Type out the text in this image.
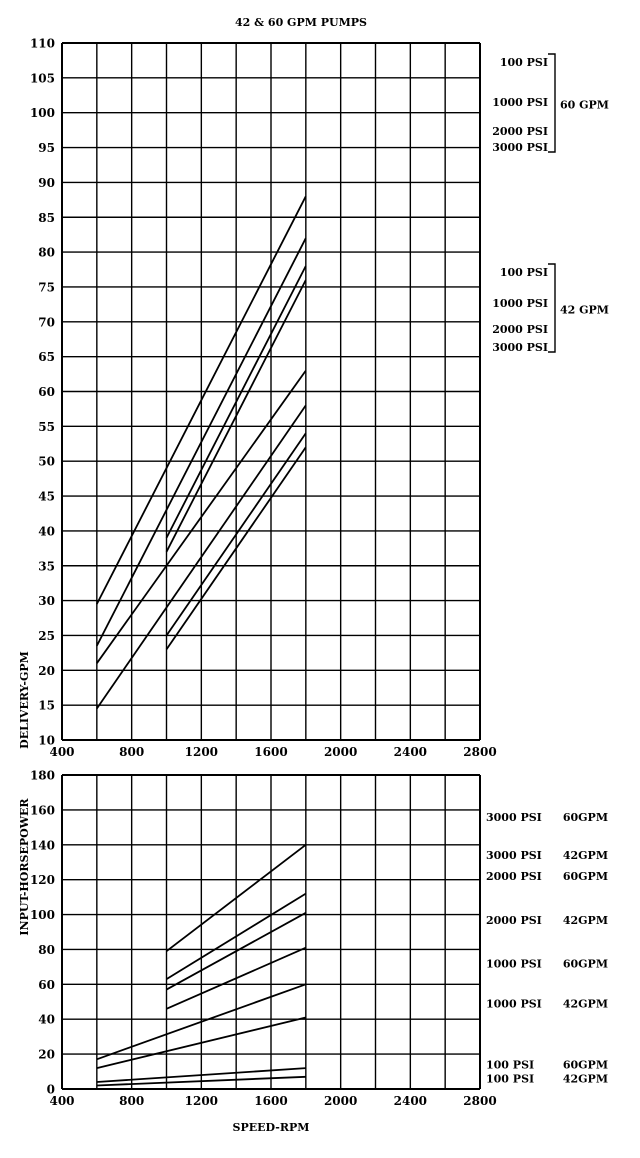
42 & 60 GPM PUMPS
10
15
20
25
30
35
40
45
50
55
60
65
70
75
80
85
90
95
100
105
110
400	800	1200	1600	2000	2400	2800
DELIVERY-GPM
100 PSI
1000 PSI
2000 PSI
3000 PSI
60 GPM
100 PSI
1000 PSI
2000 PSI
3000 PSI
42 GPM
0
20
40
60
80
100
120
140
160
180
400	800	1200	1600	2000	2400	2800
INPUT-HORSEPOWER
SPEED-RPM
3000 PSI 60GPM
3000 PSI 42GPM
2000 PSI 60GPM
2000 PSI 42GPM
1000 PSI 60GPM
1000 PSI 42GPM
100 PSI	60GPM
100 PSI	42GPM
